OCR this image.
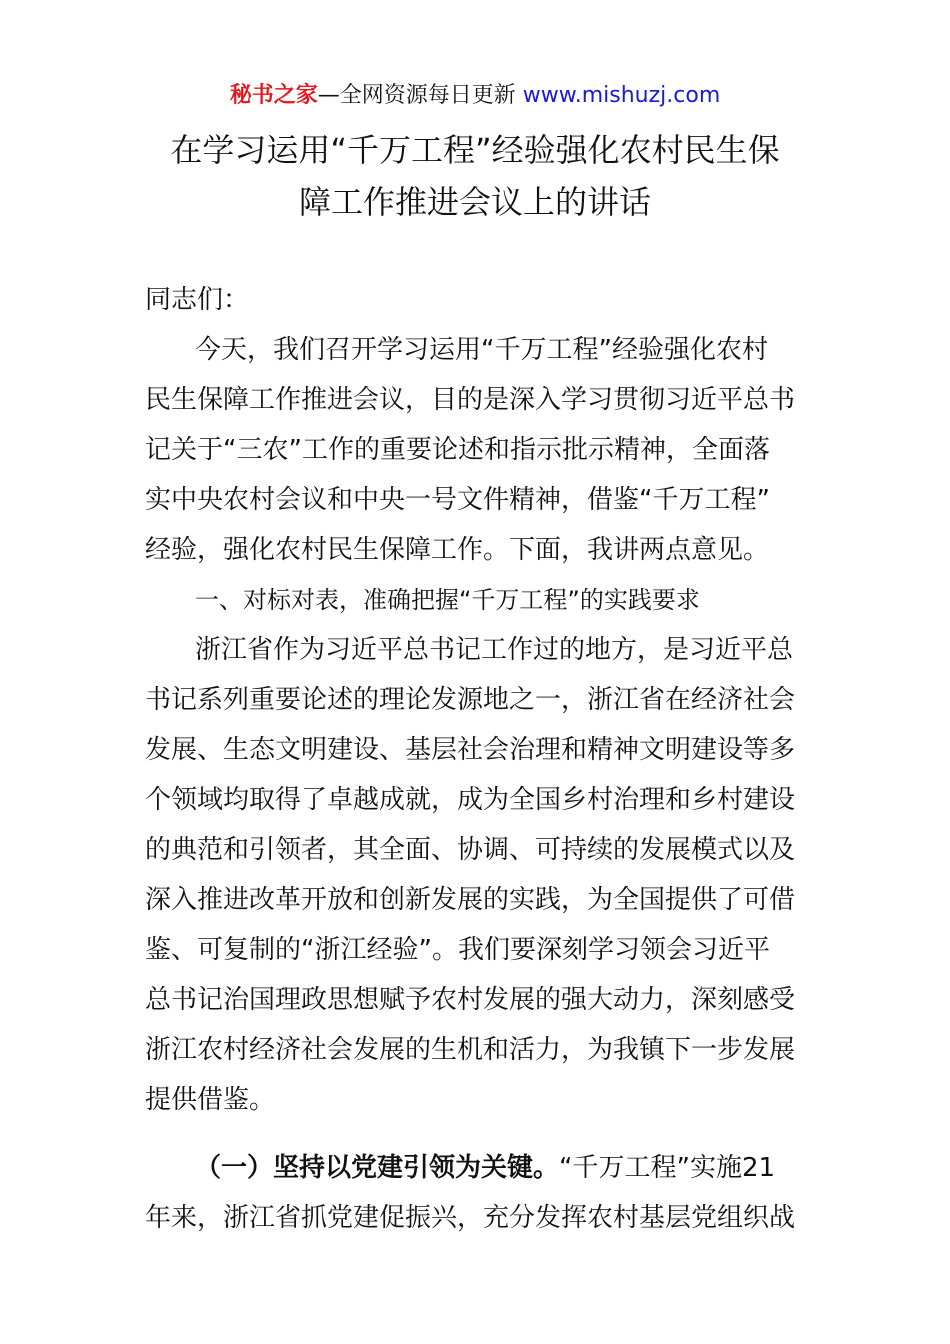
秘书之家—全网资源每日更新 www.mishuzj.com
在学习运用“千万工程”经验强化农村民生保
障工作推进会议上的讲话
同志们：
今天，我们召开学习运用“千万工程”经验强化农村
民生保障工作推进会议，目的是深入学习贯彻习近平总书
记关于“三农”工作的重要论述和指示批示精神，全面落
实中央农村会议和中央一号文件精神，借鉴“千万工程”
经验，强化农村民生保障工作。下面，我讲两点意见。
一、对标对表，准确把握“千万工程”的实践要求
浙江省作为习近平总书记工作过的地方，是习近平总
书记系列重要论述的理论发源地之一，浙江省在经济社会
发展、生态文明建设、基层社会治理和精神文明建设等多
个领域均取得了卓越成就，成为全国乡村治理和乡村建设
的典范和引领者，其全面、协调、可持续的发展模式以及
深入推进改革开放和创新发展的实践，为全国提供了可借
鉴、可复制的“浙江经验”。我们要深刻学习领会习近平
总书记治国理政思想赋予农村发展的强大动力，深刻感受
浙江农村经济社会发展的生机和活力，为我镇下一步发展
提供借鉴。
（一）坚持以党建引领为关键。“千万工程”实施21
年来，浙江省抓党建促振兴，充分发挥农村基层党组织战
